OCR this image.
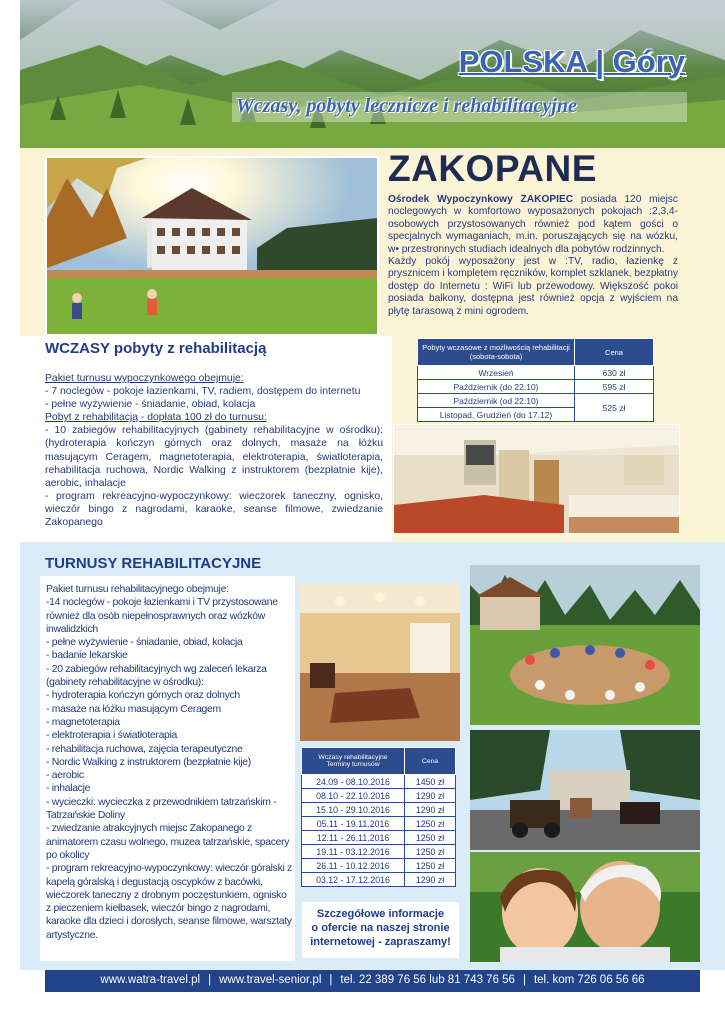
POLSKA | Góry
Wczasy, pobyty lecznicze i rehabilitacyjne
ZAKOPANE

Ośrodek Wypoczynkowy ZAKOPIEC posiada 120 miejsc noclegowych w komfortowo wyposażonych pokojach :2,3,4-osobowych przystosowanych również pod kątem gości o specjalnych wymaganiach, m.in. poruszających się na wózku, w• przestronnych studiach idealnych dla pobytów rodzinnych.

Każdy pokój wyposażony jest w :TV, radio, łazienkę z prysznicem i kompletem ręczników, komplet szklanek, bezpłatny dostęp do Internetu : WiFi lub przewodowy. Większość pokoi posiada balkony, dostępna jest również opcja z wyjściem na płytę tarasową z mini ogrodem.

WCZASY pobyty z rehabilitacją
Pakiet turnusu wypoczynkowego obejmuje:
- 7 noclegów - pokoje łazienkami, TV, radiem, dostępem do internetu
- pełne wyżywienie - śniadanie, obiad, kolacja
Pobyt z rehabilitacją - dopłata 100 zł do turnusu:
- 10 zabiegów rehabilitacyjnych (gabinety rehabilitacyjne w ośrodku): (hydroterapia kończyn górnych oraz dolnych, masaże na łóżku masującym Ceragem, magnetoterapia, elektroterapia, światłoterapia, rehabilitacja ruchowa, Nordic Walking z instruktorem (bezpłatnie kije), aerobic, inhalacje
- program rekreacyjno-wypoczynkowy: wieczorek taneczny, ognisko, wieczór bingo z nagrodami, karaoke, seanse filmowe, zwiedzanie Zakopanego
Pobyty wczasowe z możliwością rehabilitacji (sobota-sobota)	Cena
Wrzesień	630 zł
Październik (do 22.10)	595 zł
Październik (od 22.10)	525 zł
Listopad, Grudzień (do 17.12)	
TURNUSY REHABILITACYJNE
Pakiet turnusu rehabilitacyjnego obejmuje:
-14 noclegów - pokoje łazienkami i TV przystosowane również dla osób niepełnosprawnych oraz wózków inwalidzkich
- pełne wyżywienie - śniadanie, obiad, kolacja
- badanie lekarskie
- 20 zabiegów rehabilitacyjnych wg zaleceń lekarza (gabinety rehabilitacyjne w ośrodku):
- hydroterapia kończyn górnych oraz dolnych
- masaże na łóżku masującym Ceragem
- magnetoterapia
- elektroterapia i światłoterapia
- rehabilitacja ruchowa, zajęcia terapeutyczne
- Nordic Walking z instruktorem (bezpłatnie kije)
- aerobic
- inhalacje
- wycieczki: wycieczka z przewodnikiem tatrzańskim - Tatrzańskie Doliny
- zwiedzanie atrakcyjnych miejsc Zakopanego z animatorem czasu wolnego, muzea tatrzańskie, spacery po okolicy
- program rekreacyjno-wypoczynkowy: wieczór góralski z kapelą góralską i degustacją oscypków z bacówki, wieczorek taneczny z drobnym poczęstunkiem, ognisko z pieczeniem kiełbasek, wieczór bingo z nagrodami, karaoke dla dzieci i dorosłych, seanse filmowe, warsztaty artystyczne.
Wczasy rehabilitacyjne
Terminy turnusów	Cena
24.09 - 08.10.2016	1450 zł
08.10 - 22.10.2016	1290 zł
15.10 - 29.10.2016	1290 zł
05.11 - 19.11.2016	1250 zł
12.11 - 26.11.2016	1250 zł
19.11 - 03.12.2016	1250 zł
26.11 - 10.12.2016	1250 zł
03.12 - 17.12.2016	1290 zł
Szczegółowe informacje
o ofercie na naszej stronie
internetowej - zapraszamy!
www.watra-travel.pl | www.travel-senior.pl | tel. 22 389 76 56 lub 81 743 76 56 | tel. kom 726 06 56 66
